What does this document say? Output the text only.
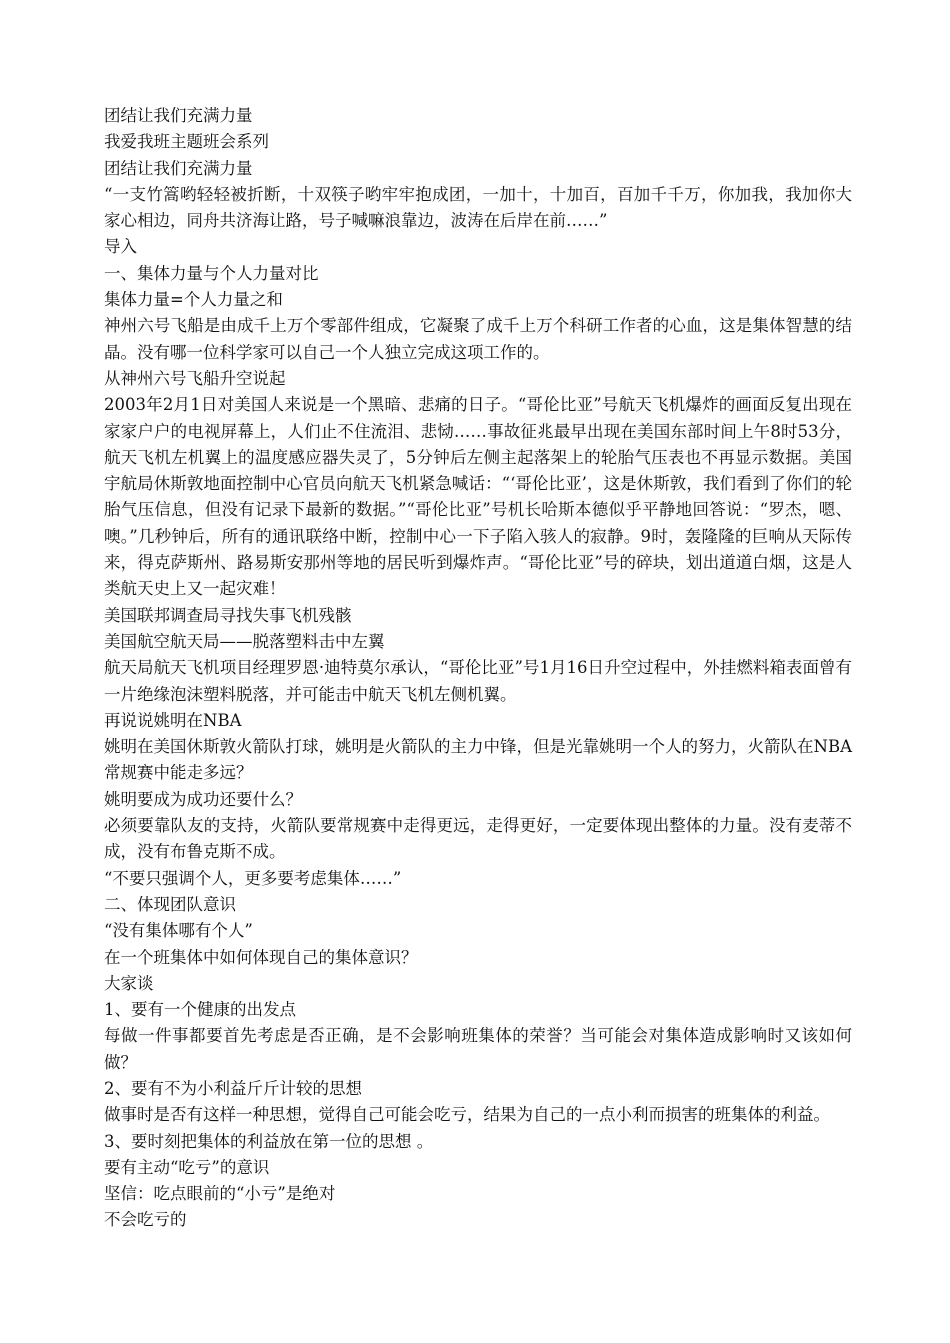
团结让我们充满力量

我爱我班主题班会系列

团结让我们充满力量

“一支竹篙哟轻轻被折断，十双筷子哟牢牢抱成团，一加十，十加百，百加千千万，你加我，我加你大家心相边，同舟共济海让路，号子喊嘛浪靠边，波涛在后岸在前……”

导入

一、集体力量与个人力量对比

集体力量=个人力量之和

神州六号飞船是由成千上万个零部件组成，它凝聚了成千上万个科研工作者的心血，这是集体智慧的结晶。没有哪一位科学家可以自己一个人独立完成这项工作的。

从神州六号飞船升空说起

2003年2月1日对美国人来说是一个黑暗、悲痛的日子。“哥伦比亚”号航天飞机爆炸的画面反复出现在家家户户的电视屏幕上，人们止不住流泪、悲恸……事故征兆最早出现在美国东部时间上午8时53分，航天飞机左机翼上的温度感应器失灵了，5分钟后左侧主起落架上的轮胎气压表也不再显示数据。美国宇航局休斯敦地面控制中心官员向航天飞机紧急喊话：“‘哥伦比亚’，这是休斯敦，我们看到了你们的轮胎气压信息，但没有记录下最新的数据。”“哥伦比亚”号机长哈斯本德似乎平静地回答说：“罗杰，嗯、噢。”几秒钟后，所有的通讯联络中断，控制中心一下子陷入骇人的寂静。9时，轰隆隆的巨响从天际传来，得克萨斯州、路易斯安那州等地的居民听到爆炸声。“哥伦比亚”号的碎块，划出道道白烟，这是人类航天史上又一起灾难！

美国联邦调查局寻找失事飞机残骸

美国航空航天局——脱落塑料击中左翼

航天局航天飞机项目经理罗恩·迪特莫尔承认，“哥伦比亚”号1月16日升空过程中，外挂燃料箱表面曾有一片绝缘泡沫塑料脱落，并可能击中航天飞机左侧机翼。

再说说姚明在NBA

姚明在美国休斯敦火箭队打球，姚明是火箭队的主力中锋，但是光靠姚明一个人的努力，火箭队在NBA常规赛中能走多远？

姚明要成为成功还要什么？

必须要靠队友的支持，火箭队要常规赛中走得更远，走得更好，一定要体现出整体的力量。没有麦蒂不成，没有布鲁克斯不成。

“不要只强调个人，更多要考虑集体……”

二、体现团队意识

“没有集体哪有个人”

在一个班集体中如何体现自己的集体意识？

大家谈

1、要有一个健康的出发点

每做一件事都要首先考虑是否正确，是不会影响班集体的荣誉？当可能会对集体造成影响时又该如何做？

2、要有不为小利益斤斤计较的思想

做事时是否有这样一种思想，觉得自己可能会吃亏，结果为自己的一点小利而损害的班集体的利益。

3、要时刻把集体的利益放在第一位的思想 。

要有主动“吃亏”的意识

坚信：吃点眼前的“小亏”是绝对

不会吃亏的
